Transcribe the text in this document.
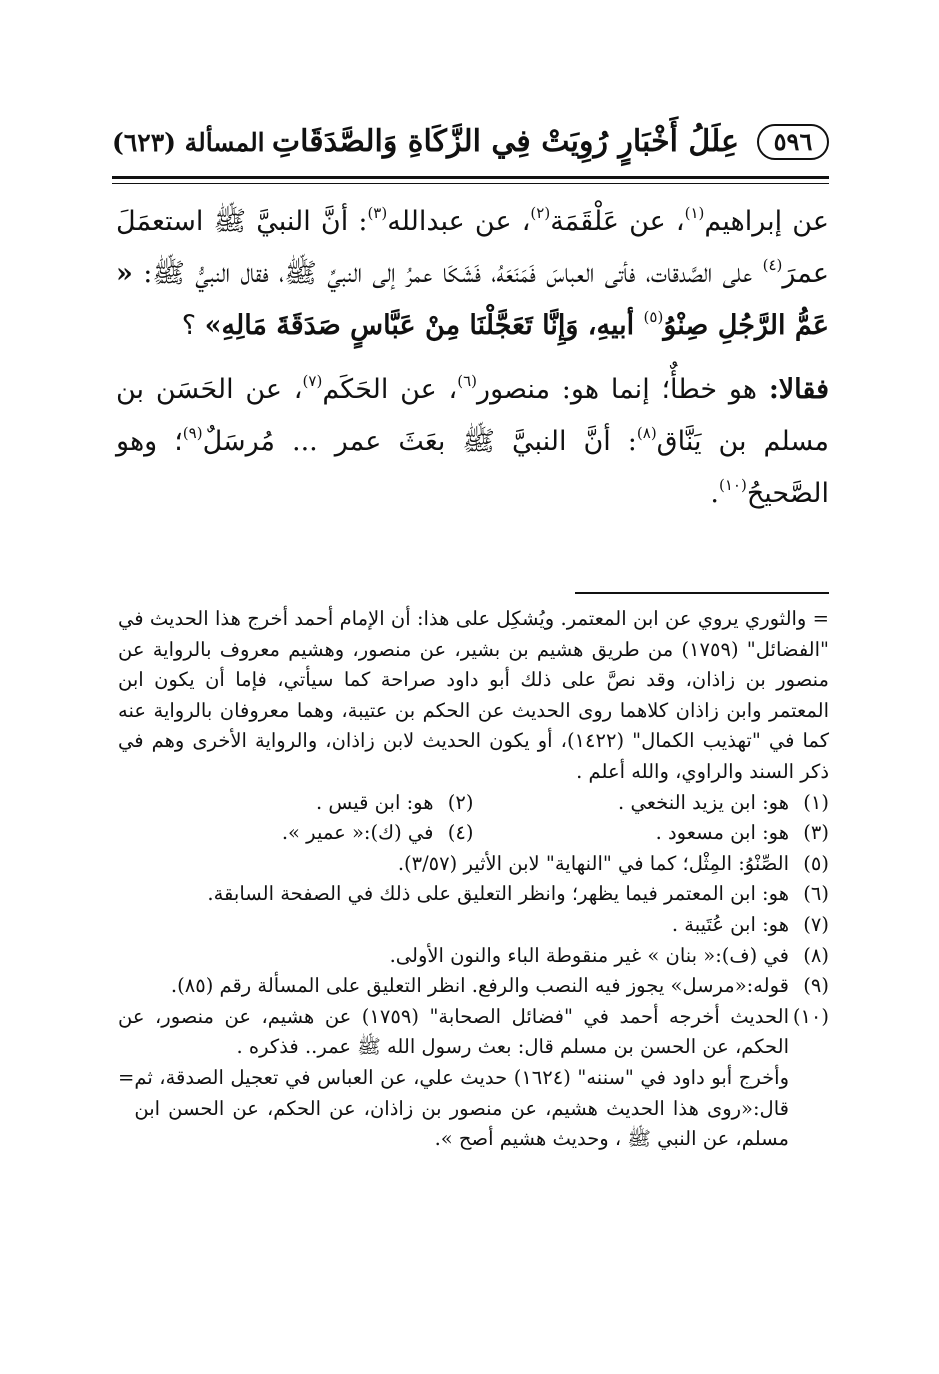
٥٩٦
عِلَلُ أَخْبَارٍ رُوِيَتْ فِي الزَّكَاةِ وَالصَّدَقَاتِ
المسألة (٦٢٣)

عن إبراهيم$^{(١)}$، عن عَلْقَمَة$^{(٢)}$، عن عبدالله$^{(٣)}$: أنَّ النبيَّ ﷺ استعمَلَ عمرَ$^{(٤)}$ على الصَّدقات، فأتى العباسَ فَمَنَعَهُ، فَشَكَا عمرُ إلى النبيِّ ﷺ، فقال النبيُّ ﷺ: « عَمُّ الرَّجُلِ صِنْوُ$^{(٥)}$ أبيهِ، وَإِنَّا تَعَجَّلْنَا مِنْ عَبَّاسٍ صَدَقَةَ مَالِهِ» ؟

فقالا: هو خطأٌ؛ إنما هو: منصور$^{(٦)}$، عن الحَكَم$^{(٧)}$، عن الحَسَن بن مسلم بن يَنَّاق$^{(٨)}$: أنَّ النبيَّ ﷺ بعَثَ عمر ... مُرسَلٌ$^{(٩)}$؛ وهو الصَّحيحُ$^{(١٠)}$.

= والثوري يروي عن ابن المعتمر. ويُشكِل على هذا: أن الإمام أحمد أخرج هذا الحديث في "الفضائل" (١٧٥٩) من طريق هشيم بن بشير، عن منصور، وهشيم معروف بالرواية عن منصور بن زاذان، وقد نصَّ على ذلك أبو داود صراحة كما سيأتي، فإما أن يكون ابن المعتمر وابن زاذان كلاهما روى الحديث عن الحكم بن عتيبة، وهما معروفان بالرواية عنه كما في "تهذيب الكمال" (١٤٢٢)، أو يكون الحديث لابن زاذان، والرواية الأخرى وهم في ذكر السند والراوي، والله أعلم .

(١)
هو: ابن يزيد النخعي .
(٢)
هو: ابن قيس .
(٣)
هو: ابن مسعود .
(٤)
في (ك):« عمير ».
(٥)
الصِّنْوُ: المِثْل؛ كما في "النهاية" لابن الأثير (٣/٥٧).
(٦)
هو: ابن المعتمر فيما يظهر؛ وانظر التعليق على ذلك في الصفحة السابقة.
(٧)
هو: ابن عُتَيبة .
(٨)
في (ف):« بنان » غير منقوطة الباء والنون الأولى.
(٩)
قوله:«مرسل» يجوز فيه النصب والرفع. انظر التعليق على المسألة رقم (٨٥).
(١٠)
الحديث أخرجه أحمد في "فضائل الصحابة" (١٧٥٩) عن هشيم، عن منصور، عن الحكم، عن الحسن بن مسلم قال: بعث رسول الله ﷺ عمر.. فذكره .
وأخرج أبو داود في "سننه" (١٦٢٤) حديث علي، عن العباس في تعجيل الصدقة، ثم قال:«روى هذا الحديث هشيم، عن منصور بن زاذان، عن الحكم، عن الحسن ابن مسلم، عن النبي ﷺ ، وحديث هشيم أصح ».
=
